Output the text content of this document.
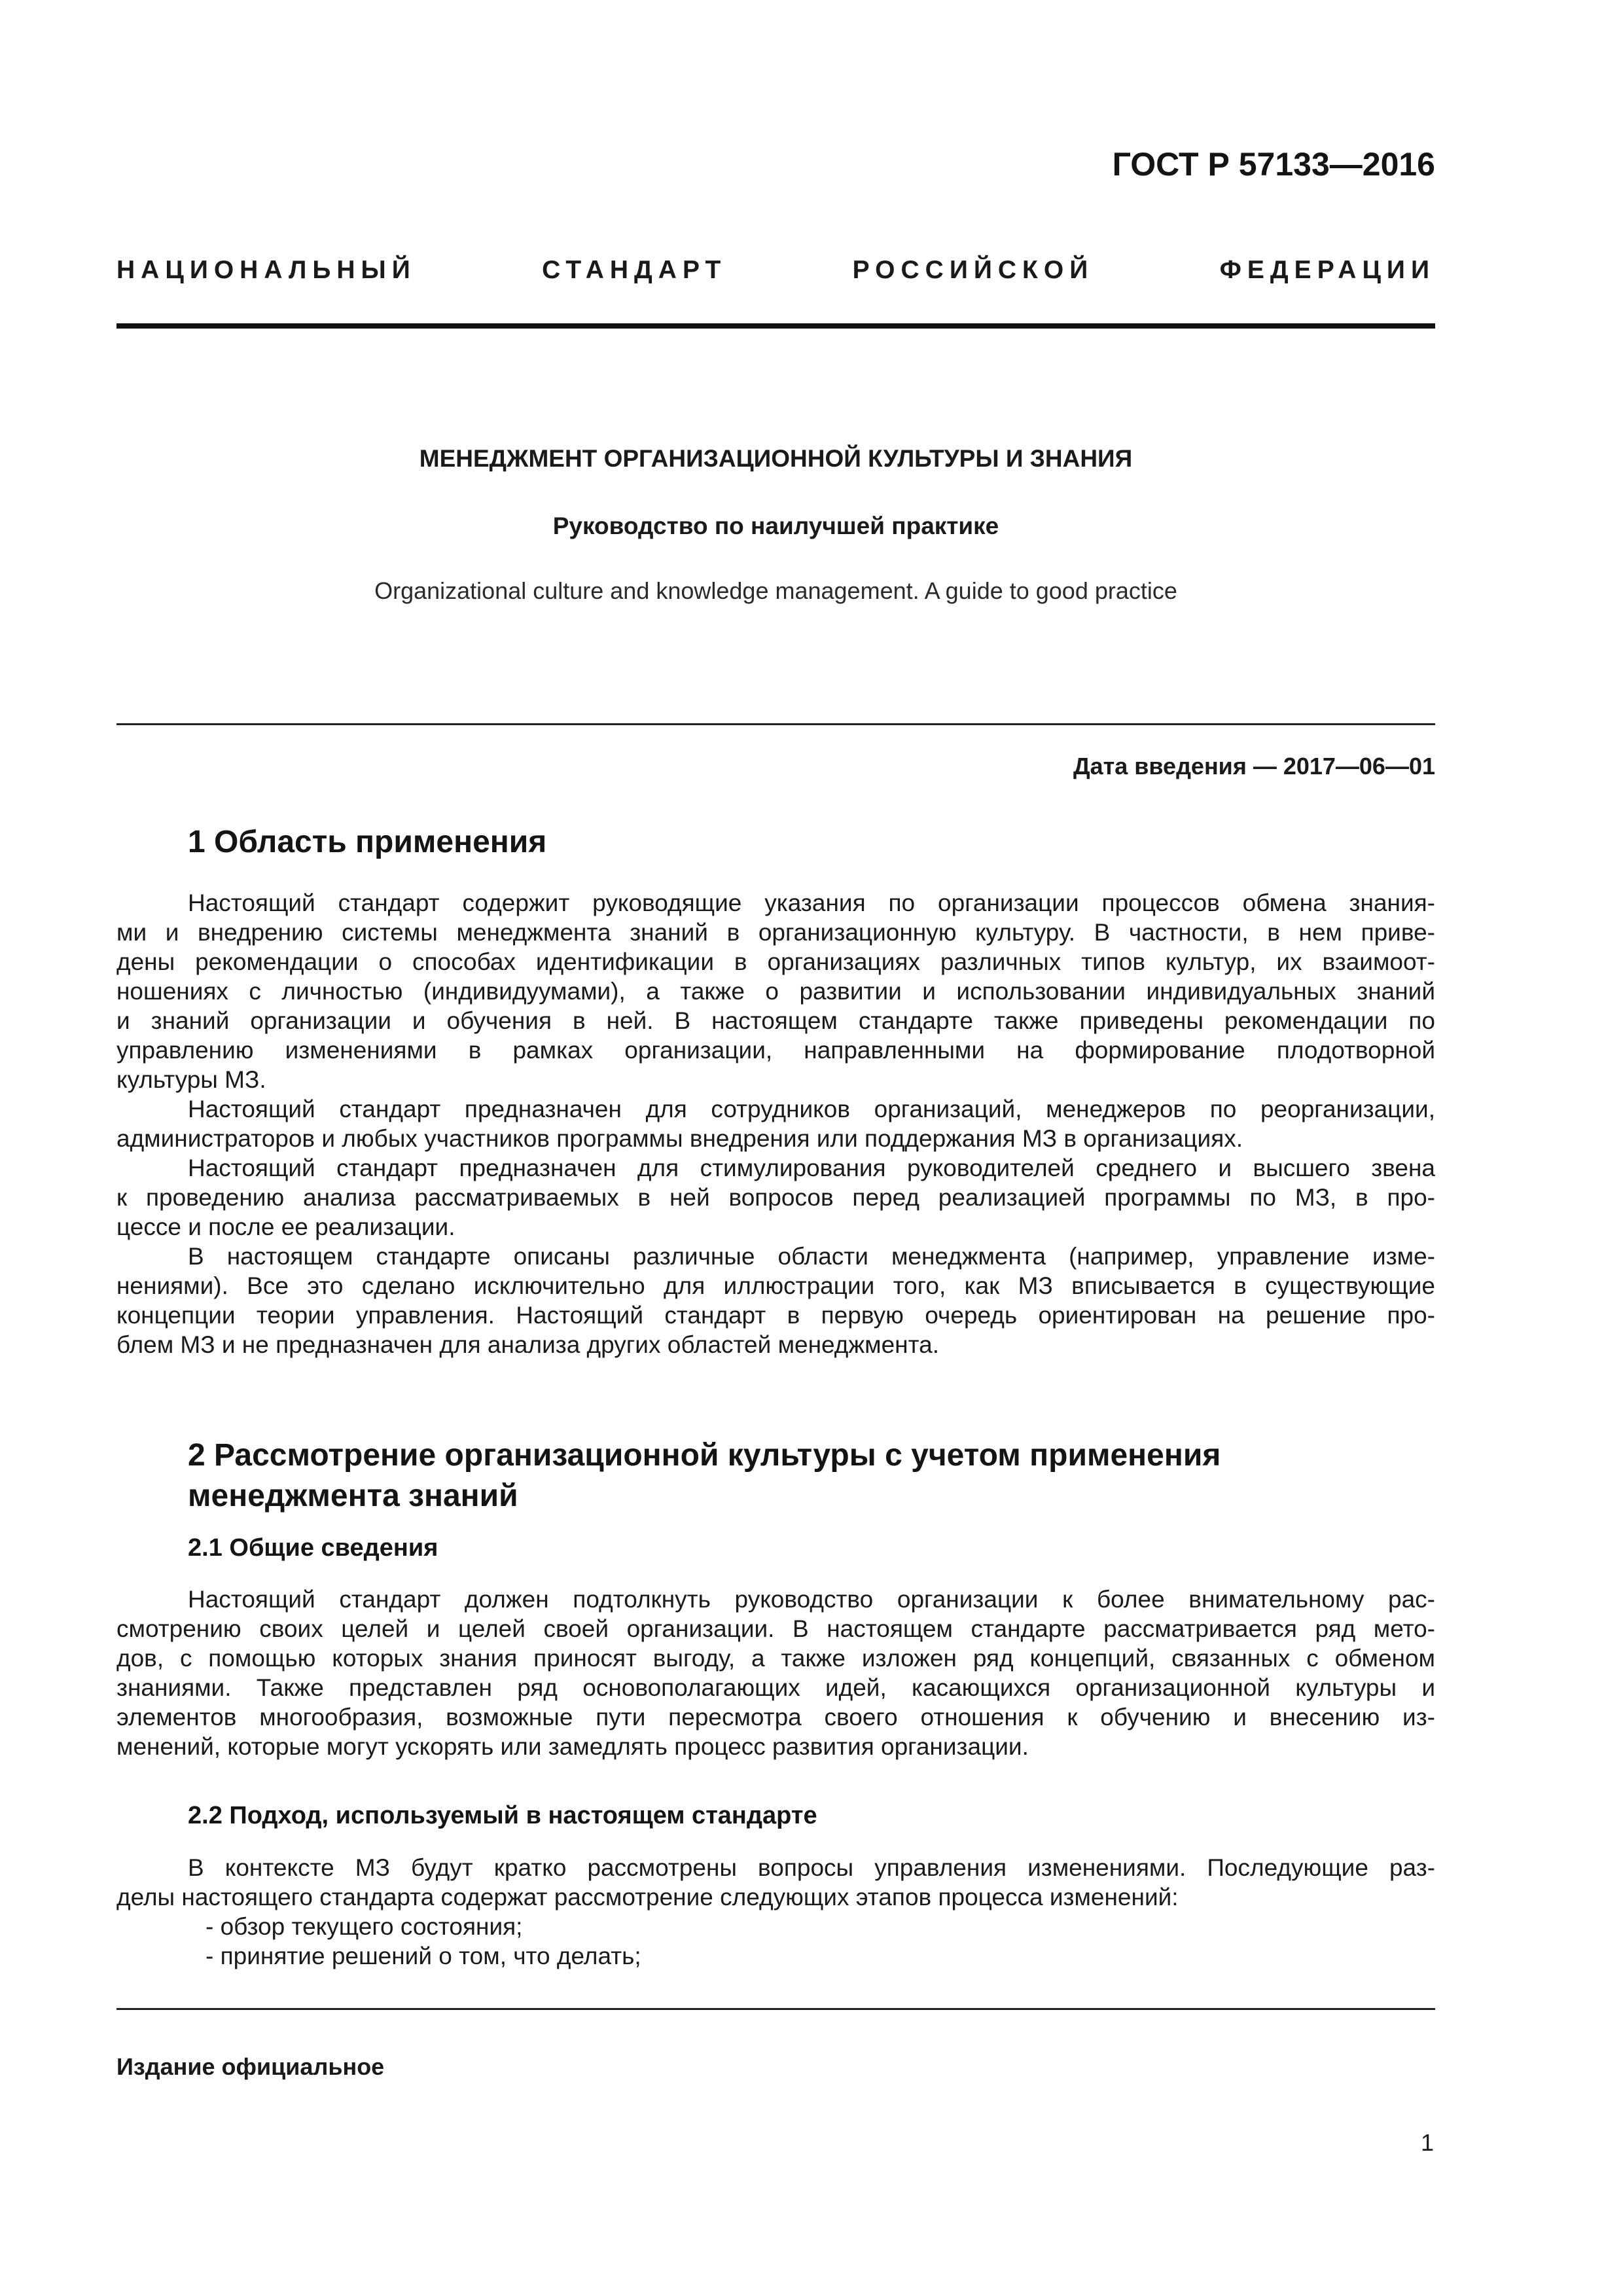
ГОСТ Р 57133—2016
НАЦИОНАЛЬНЫЙ СТАНДАРТ РОССИЙСКОЙ ФЕДЕРАЦИИ
МЕНЕДЖМЕНТ ОРГАНИЗАЦИОННОЙ КУЛЬТУРЫ И ЗНАНИЯ
Руководство по наилучшей практике
Organizational culture and knowledge management. A guide to good practice
Дата введения — 2017—06—01
1 Область применения
Настоящий стандарт содержит руководящие указания по организации процессов обмена знания-
ми и внедрению системы менеджмента знаний в организационную культуру. В частности, в нем приве-
дены рекомендации о способах идентификации в организациях различных типов культур, их взаимоот-
ношениях с личностью (индивидуумами), а также о развитии и использовании индивидуальных знаний
и знаний организации и обучения в ней. В настоящем стандарте также приведены рекомендации по
управлению изменениями в рамках организации, направленными на формирование плодотворной
культуры МЗ.
Настоящий стандарт предназначен для сотрудников организаций, менеджеров по реорганизации,
администраторов и любых участников программы внедрения или поддержания МЗ в организациях.
Настоящий стандарт предназначен для стимулирования руководителей среднего и высшего звена
к проведению анализа рассматриваемых в ней вопросов перед реализацией программы по МЗ, в про-
цессе и после ее реализации.
В настоящем стандарте описаны различные области менеджмента (например, управление изме-
нениями). Все это сделано исключительно для иллюстрации того, как МЗ вписывается в существующие
концепции теории управления. Настоящий стандарт в первую очередь ориентирован на решение про-
блем МЗ и не предназначен для анализа других областей менеджмента.
2 Рассмотрение организационной культуры с учетом применения
менеджмента знаний
2.1 Общие сведения
Настоящий стандарт должен подтолкнуть руководство организации к более внимательному рас-
смотрению своих целей и целей своей организации. В настоящем стандарте рассматривается ряд мето-
дов, с помощью которых знания приносят выгоду, а также изложен ряд концепций, связанных с обменом
знаниями. Также представлен ряд основополагающих идей, касающихся организационной культуры и
элементов многообразия, возможные пути пересмотра своего отношения к обучению и внесению из-
менений, которые могут ускорять или замедлять процесс развития организации.
2.2 Подход, используемый в настоящем стандарте
В контексте МЗ будут кратко рассмотрены вопросы управления изменениями. Последующие раз-
делы настоящего стандарта содержат рассмотрение следующих этапов процесса изменений:
- обзор текущего состояния;
- принятие решений о том, что делать;
Издание официальное
1
